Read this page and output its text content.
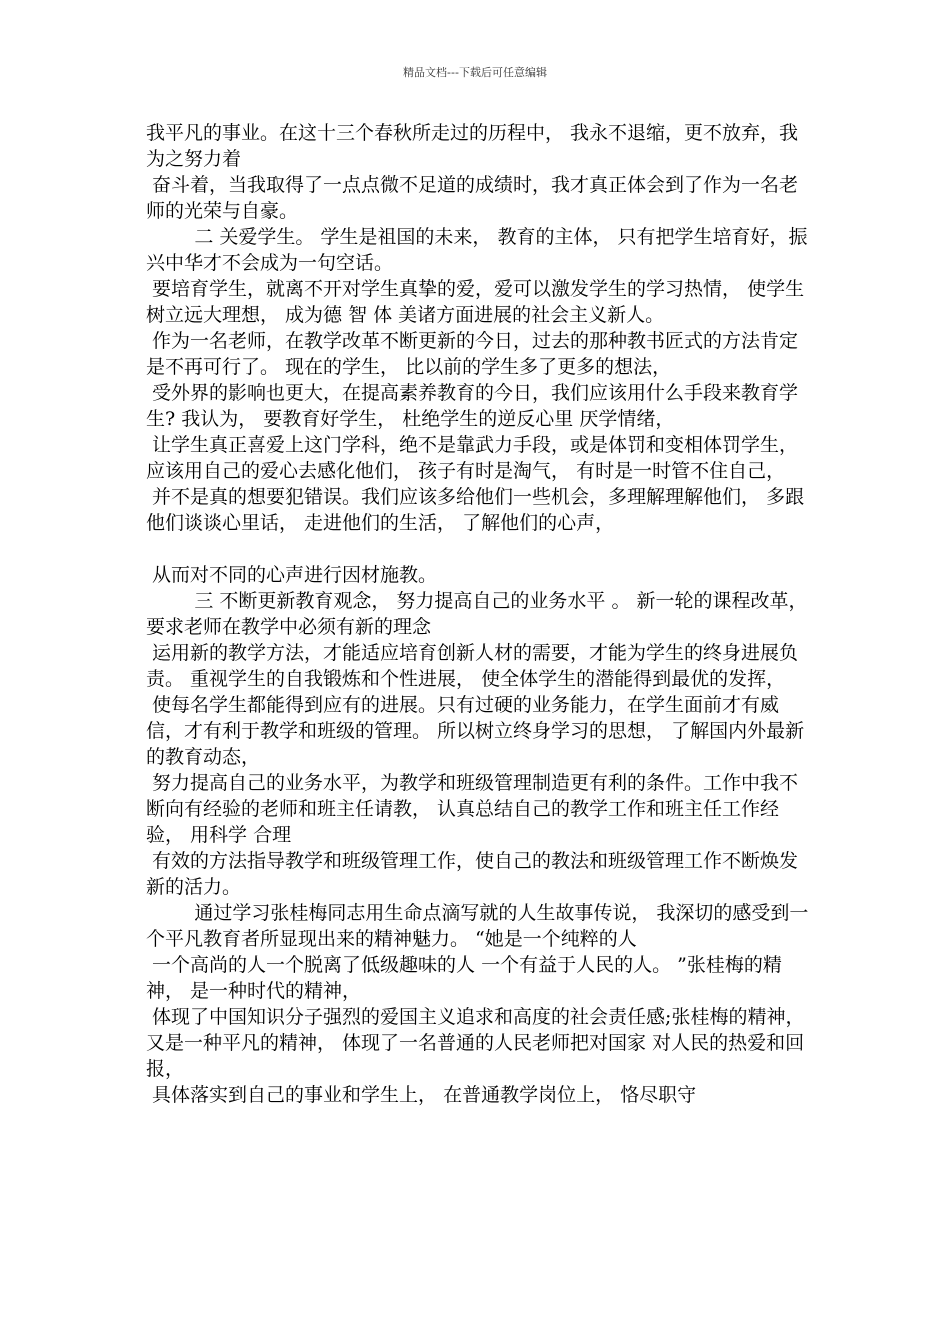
精品文档---下载后可任意编辑

我平凡的事业。在这十三个春秋所走过的历程中， 我永不退缩，更不放弃，我为之努力着

奋斗着，当我取得了一点点微不足道的成绩时，我才真正体会到了作为一名老师的光荣与自豪。

二 关爱学生。 学生是祖国的未来， 教育的主体， 只有把学生培育好，振兴中华才不会成为一句空话。

要培育学生，就离不开对学生真挚的爱，爱可以激发学生的学习热情， 使学生树立远大理想， 成为德 智 体 美诸方面进展的社会主义新人。

作为一名老师，在教学改革不断更新的今日，过去的那种教书匠式的方法肯定是不再可行了。 现在的学生， 比以前的学生多了更多的想法，

受外界的影响也更大，在提高素养教育的今日，我们应该用什么手段来教育学生? 我认为， 要教育好学生， 杜绝学生的逆反心里 厌学情绪，

让学生真正喜爱上这门学科，绝不是靠武力手段，或是体罚和变相体罚学生， 应该用自己的爱心去感化他们， 孩子有时是淘气， 有时是一时管不住自己，

并不是真的想要犯错误。我们应该多给他们一些机会，多理解理解他们， 多跟他们谈谈心里话， 走进他们的生活， 了解他们的心声，

从而对不同的心声进行因材施教。

三 不断更新教育观念， 努力提高自己的业务水平 。 新一轮的课程改革， 要求老师在教学中必须有新的理念

运用新的教学方法，才能适应培育创新人材的需要，才能为学生的终身进展负责。 重视学生的自我锻炼和个性进展， 使全体学生的潜能得到最优的发挥，

使每名学生都能得到应有的进展。只有过硬的业务能力，在学生面前才有威信，才有利于教学和班级的管理。 所以树立终身学习的思想， 了解国内外最新的教育动态，

努力提高自己的业务水平，为教学和班级管理制造更有利的条件。工作中我不断向有经验的老师和班主任请教， 认真总结自己的教学工作和班主任工作经验， 用科学 合理

有效的方法指导教学和班级管理工作，使自己的教法和班级管理工作不断焕发新的活力。

通过学习张桂梅同志用生命点滴写就的人生故事传说， 我深切的感受到一个平凡教育者所显现出来的精神魅力。 “她是一个纯粹的人

一个高尚的人一个脱离了低级趣味的人 一个有益于人民的人。 ”张桂梅的精神， 是一种时代的精神，

体现了中国知识分子强烈的爱国主义追求和高度的社会责任感;张桂梅的精神，又是一种平凡的精神， 体现了一名普通的人民老师把对国家 对人民的热爱和回报，

具体落实到自己的事业和学生上， 在普通教学岗位上， 恪尽职守
